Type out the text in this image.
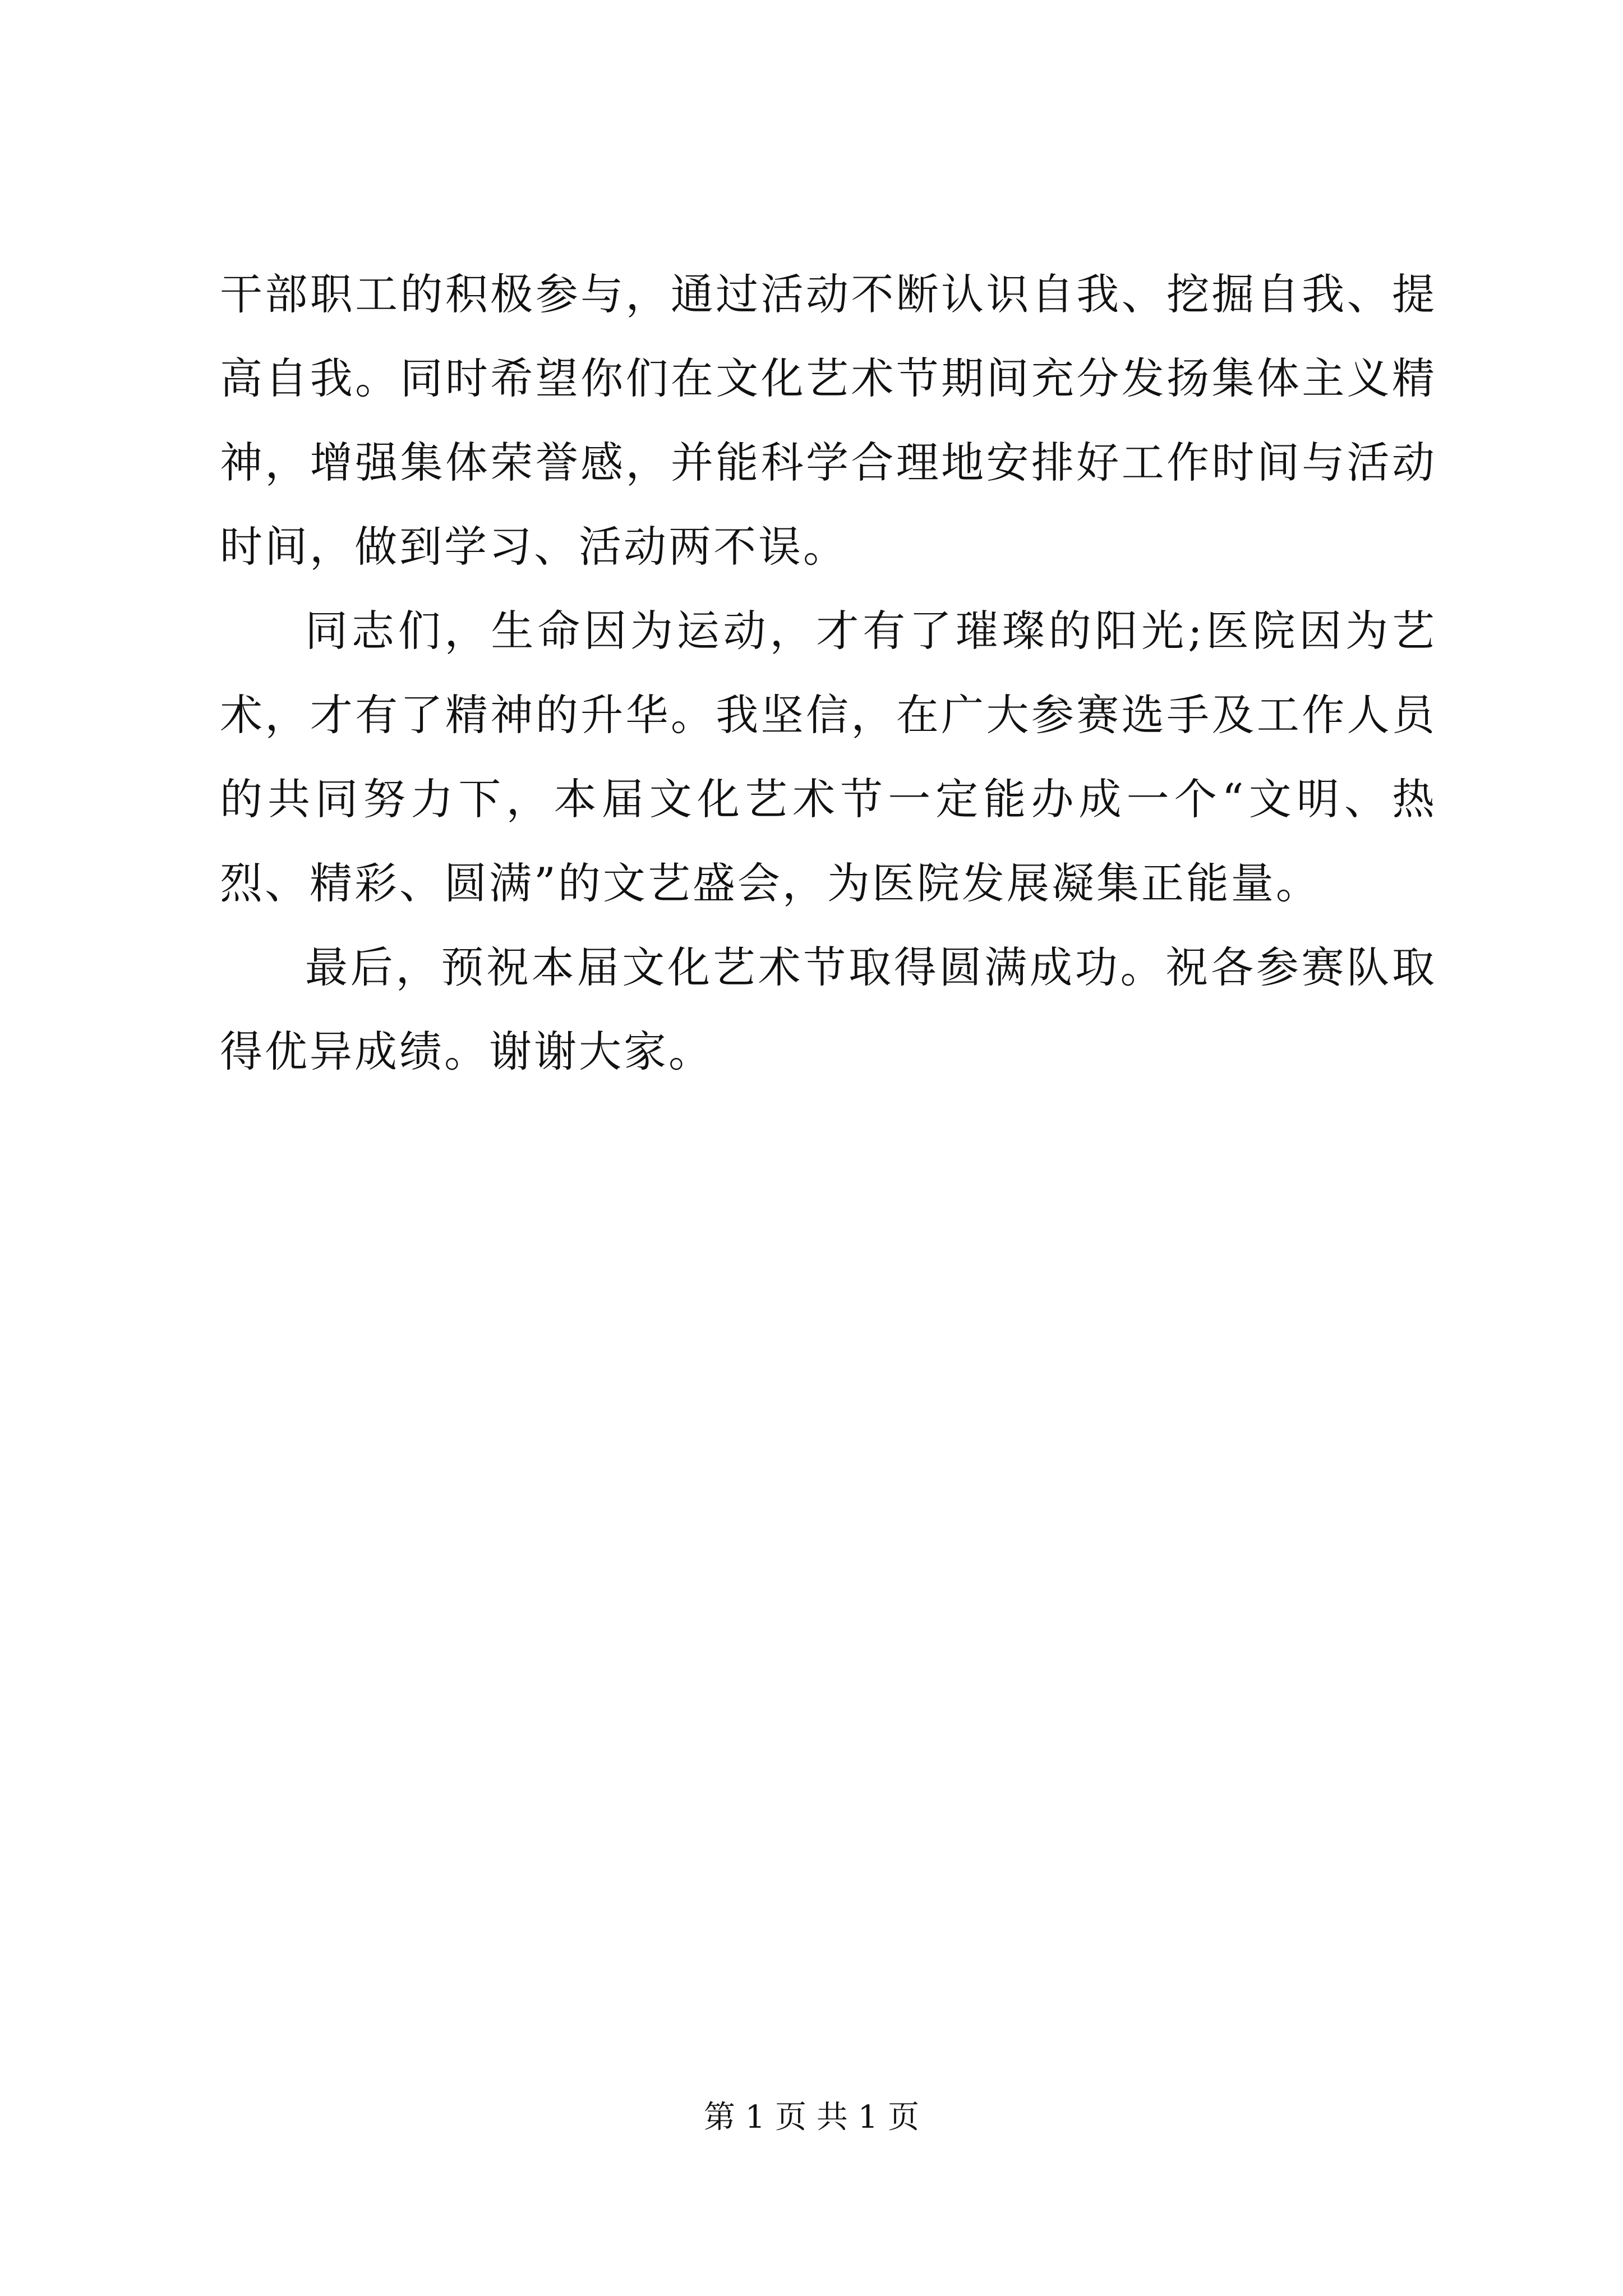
干部职工的积极参与，通过活动不断认识自我、挖掘自我、提高自我。同时希望你们在文化艺术节期间充分发扬集体主义精神，增强集体荣誉感，并能科学合理地安排好工作时间与活动时间，做到学习、活动两不误。

同志们，生命因为运动，才有了璀璨的阳光;医院因为艺术，才有了精神的升华。我坚信，在广大参赛选手及工作人员的共同努力下，本届文化艺术节一定能办成一个“文明、热烈、精彩、圆满”的文艺盛会，为医院发展凝集正能量。

最后，预祝本届文化艺术节取得圆满成功。祝各参赛队取得优异成绩。谢谢大家。

第 1 页 共 1 页
